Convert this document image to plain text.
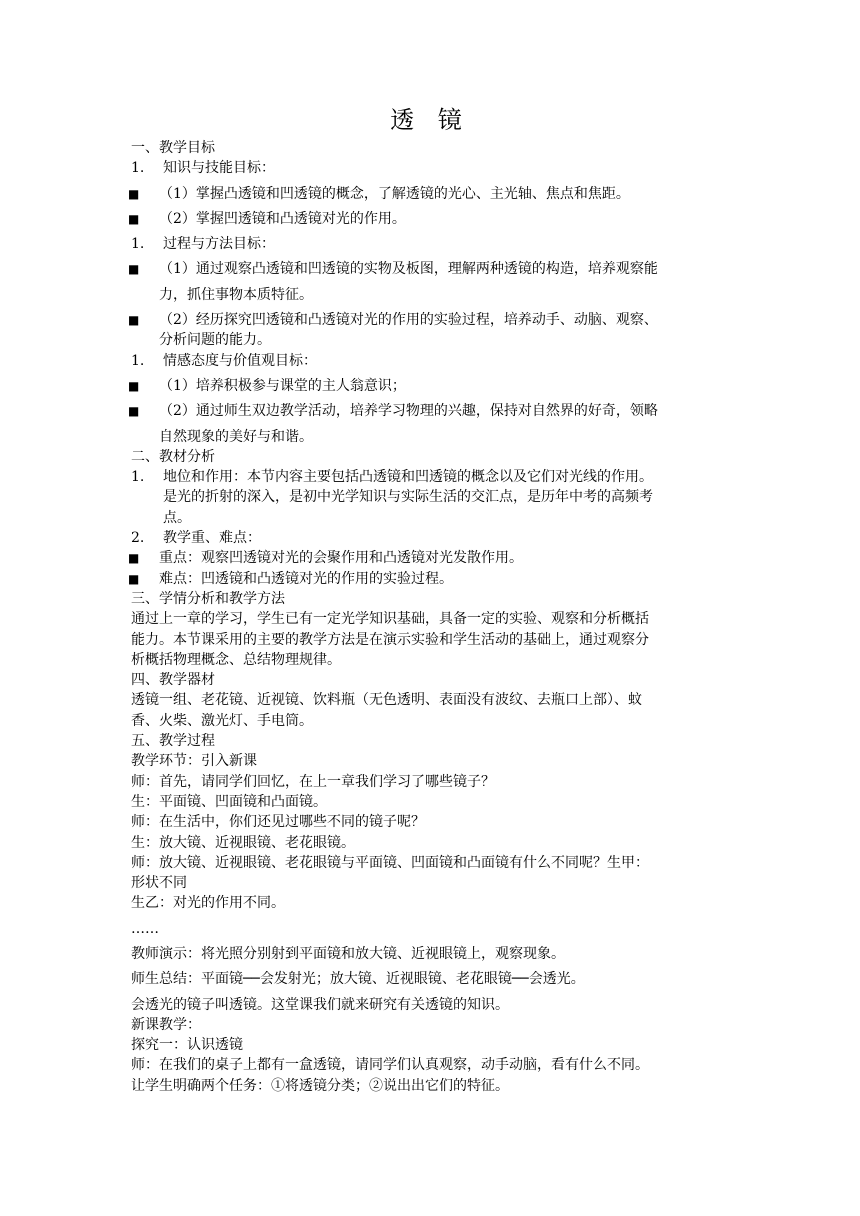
透 镜
一、教学目标
1.	知识与技能目标：
■	（1）掌握凸透镜和凹透镜的概念，了解透镜的光心、主光轴、焦点和焦距。
■	（2）掌握凹透镜和凸透镜对光的作用。
1.	过程与方法目标：
■	（1）通过观察凸透镜和凹透镜的实物及板图，理解两种透镜的构造，培养观察能
力，抓住事物本质特征。
■	（2）经历探究凹透镜和凸透镜对光的作用的实验过程，培养动手、动脑、观察、
分析问题的能力。
1.	情感态度与价值观目标：
■	（1）培养积极参与课堂的主人翁意识；
■	（2）通过师生双边教学活动，培养学习物理的兴趣，保持对自然界的好奇，领略
自然现象的美好与和谐。
二、教材分析
1.	地位和作用：本节内容主要包括凸透镜和凹透镜的概念以及它们对光线的作用。
是光的折射的深入，是初中光学知识与实际生活的交汇点，是历年中考的高频考
点。
2.	教学重、难点：
■	重点：观察凹透镜对光的会聚作用和凸透镜对光发散作用。
■	难点：凹透镜和凸透镜对光的作用的实验过程。
三、学情分析和教学方法
通过上一章的学习，学生已有一定光学知识基础，具备一定的实验、观察和分析概括
能力。本节课采用的主要的教学方法是在演示实验和学生活动的基础上，通过观察分
析概括物理概念、总结物理规律。
四、教学器材
透镜一组、老花镜、近视镜、饮料瓶（无色透明、表面没有波纹、去瓶口上部）、蚊
香、火柴、激光灯、手电筒。
五、教学过程
教学环节：引入新课
师：首先，请同学们回忆，在上一章我们学习了哪些镜子？
生：平面镜、凹面镜和凸面镜。
师：在生活中，你们还见过哪些不同的镜子呢？
生：放大镜、近视眼镜、老花眼镜。
师：放大镜、近视眼镜、老花眼镜与平面镜、凹面镜和凸面镜有什么不同呢？生甲：
形状不同
生乙：对光的作用不同。
……
教师演示：将光照分别射到平面镜和放大镜、近视眼镜上，观察现象。
师生总结：平面镜──会发射光；放大镜、近视眼镜、老花眼镜──会透光。
会透光的镜子叫透镜。这堂课我们就来研究有关透镜的知识。
新课教学：
探究一：认识透镜
师：在我们的桌子上都有一盒透镜，请同学们认真观察，动手动脑，看有什么不同。
让学生明确两个任务：①将透镜分类；②说出出它们的特征。
